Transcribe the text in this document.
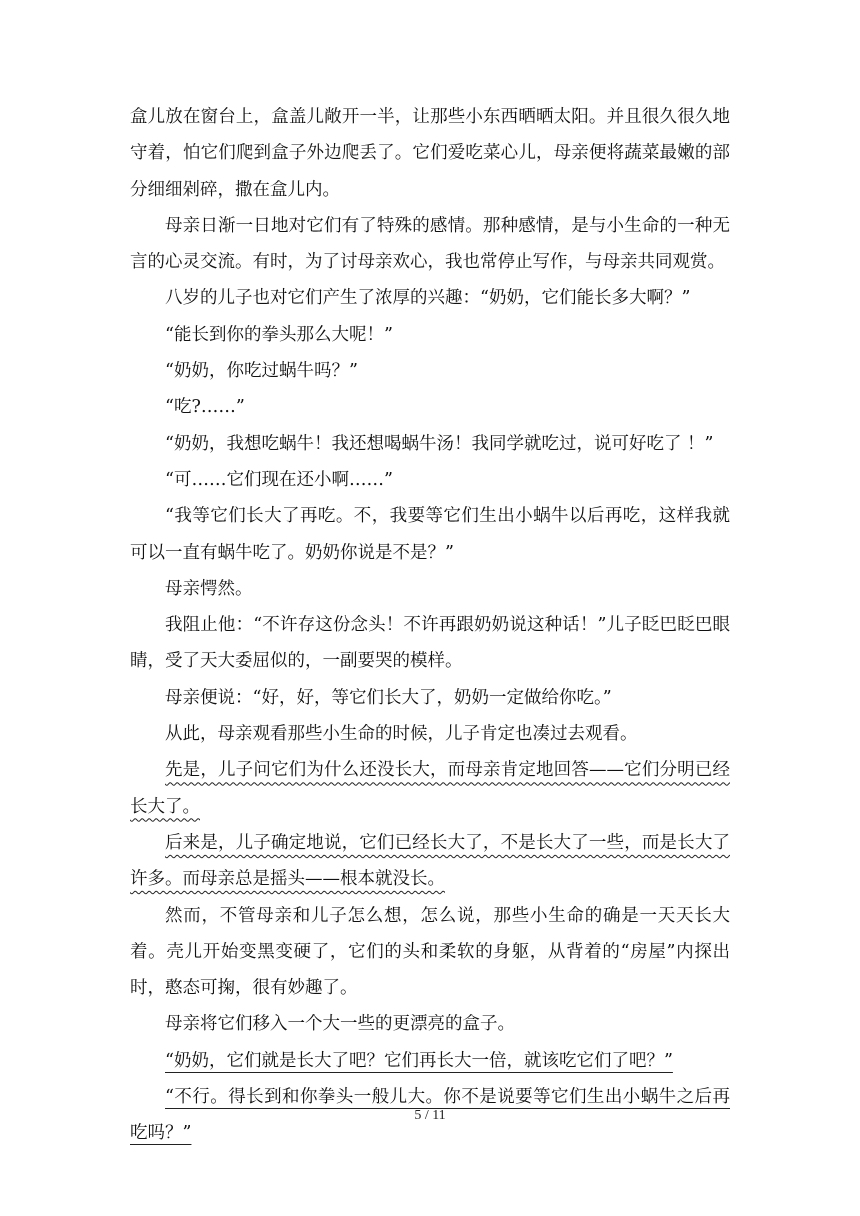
盒儿放在窗台上，盒盖儿敞开一半，让那些小东西晒晒太阳。并且很久很久地守着，怕它们爬到盒子外边爬丢了。它们爱吃菜心儿，母亲便将蔬菜最嫩的部分细细剁碎，撒在盒儿内。

母亲日渐一日地对它们有了特殊的感情。那种感情，是与小生命的一种无言的心灵交流。有时，为了讨母亲欢心，我也常停止写作，与母亲共同观赏。

八岁的儿子也对它们产生了浓厚的兴趣：“奶奶，它们能长多大啊？”

“能长到你的拳头那么大呢！”

“奶奶，你吃过蜗牛吗？”

“吃?……”

“奶奶，我想吃蜗牛！我还想喝蜗牛汤！我同学就吃过，说可好吃了 ！”

“可……它们现在还小啊……”

“我等它们长大了再吃。不，我要等它们生出小蜗牛以后再吃，这样我就可以一直有蜗牛吃了。奶奶你说是不是？”

母亲愕然。

我阻止他：“不许存这份念头！不许再跟奶奶说这种话！”儿子眨巴眨巴眼睛，受了天大委屈似的，一副要哭的模样。

母亲便说：“好，好，等它们长大了，奶奶一定做给你吃。”

从此，母亲观看那些小生命的时候，儿子肯定也凑过去观看。

先是，儿子问它们为什么还没长大，而母亲肯定地回答——它们分明已经长大了。

后来是，儿子确定地说，它们已经长大了，不是长大了一些，而是长大了许多。而母亲总是摇头——根本就没长。

然而，不管母亲和儿子怎么想，怎么说，那些小生命的确是一天天长大着。壳儿开始变黑变硬了，它们的头和柔软的身躯，从背着的“房屋”内探出时，憨态可掬，很有妙趣了。

母亲将它们移入一个大一些的更漂亮的盒子。

“奶奶，它们就是长大了吧？它们再长大一倍，就该吃它们了吧？”

“不行。得长到和你拳头一般儿大。你不是说要等它们生出小蜗牛之后再吃吗？”

5 / 11
